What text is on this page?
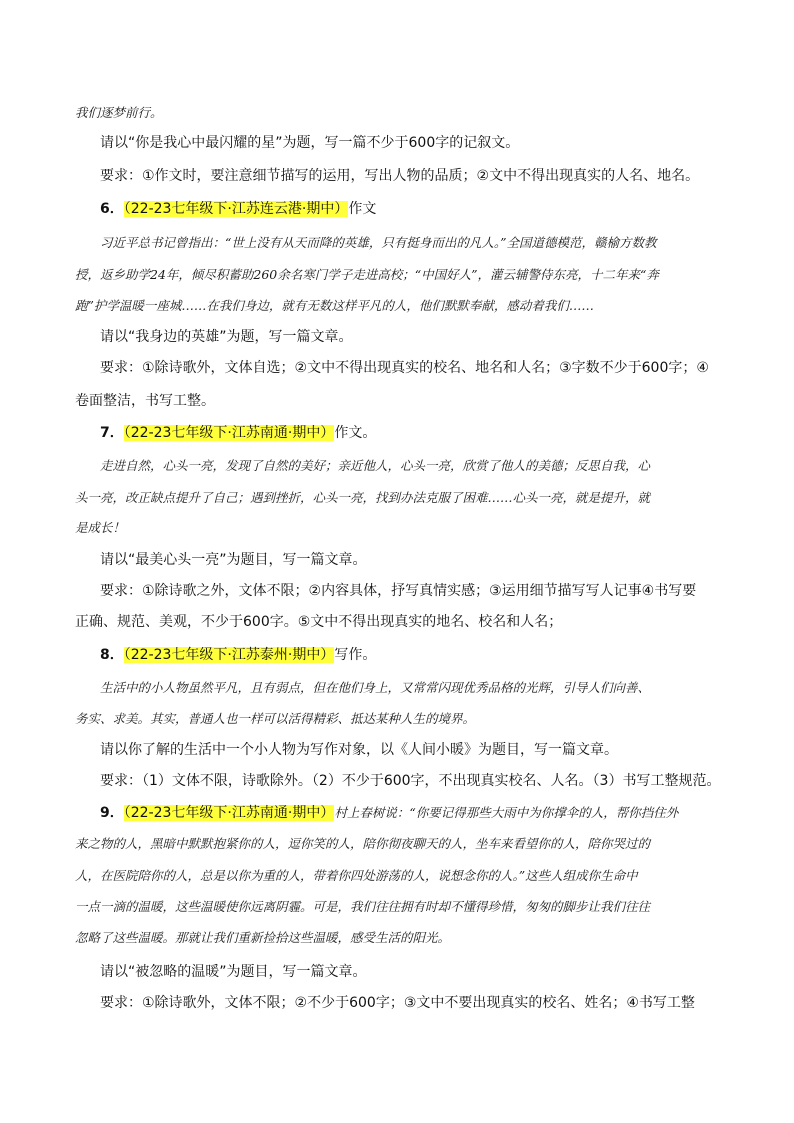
我们逐梦前行。
请以“你是我心中最闪耀的星”为题，写一篇不少于600字的记叙文。
要求：①作文时，要注意细节描写的运用，写出人物的品质；②文中不得出现真实的人名、地名。
6．（22-23七年级下·江苏连云港·期中）作文
习近平总书记曾指出：“世上没有从天而降的英雄，只有挺身而出的凡人。”全国道德模范，赣榆方数教
授，返乡助学24年，倾尽积蓄助260余名寒门学子走进高校；“中国好人”，灌云辅警侍东亮，十二年来“奔
跑”护学温暖一座城……在我们身边，就有无数这样平凡的人，他们默默奉献，感动着我们……
请以“我身边的英雄”为题，写一篇文章。
要求：①除诗歌外，文体自选；②文中不得出现真实的校名、地名和人名；③字数不少于600字；④
卷面整洁，书写工整。
7．（22-23七年级下·江苏南通·期中）作文。
走进自然，心头一亮，发现了自然的美好；亲近他人，心头一亮，欣赏了他人的美德；反思自我，心
头一亮，改正缺点提升了自己；遇到挫折，心头一亮，找到办法克服了困难……心头一亮，就是提升，就
是成长！
请以“最美心头一亮”为题目，写一篇文章。
要求：①除诗歌之外，文体不限；②内容具体，抒写真情实感；③运用细节描写写人记事④书写要
正确、规范、美观，不少于600字。⑤文中不得出现真实的地名、校名和人名；
8．（22-23七年级下·江苏泰州·期中）写作。
生活中的小人物虽然平凡，且有弱点，但在他们身上，又常常闪现优秀品格的光辉，引导人们向善、
务实、求美。其实，普通人也一样可以活得精彩、抵达某种人生的境界。
请以你了解的生活中一个小人物为写作对象，以《人间小暖》为题目，写一篇文章。
要求：（1）文体不限，诗歌除外。（2）不少于600字，不出现真实校名、人名。（3）书写工整规范。
9．（22-23七年级下·江苏南通·期中）村上春树说：“你要记得那些大雨中为你撑伞的人，帮你挡住外
来之物的人，黑暗中默默抱紧你的人，逗你笑的人，陪你彻夜聊天的人，坐车来看望你的人，陪你哭过的
人，在医院陪你的人，总是以你为重的人，带着你四处游荡的人，说想念你的人。”这些人组成你生命中
一点一滴的温暖，这些温暖使你远离阴霾。可是，我们往往拥有时却不懂得珍惜，匆匆的脚步让我们往往
忽略了这些温暖。那就让我们重新捡拾这些温暖，感受生活的阳光。
请以“被忽略的温暖”为题目，写一篇文章。
要求：①除诗歌外，文体不限；②不少于600字；③文中不要出现真实的校名、姓名；④书写工整
